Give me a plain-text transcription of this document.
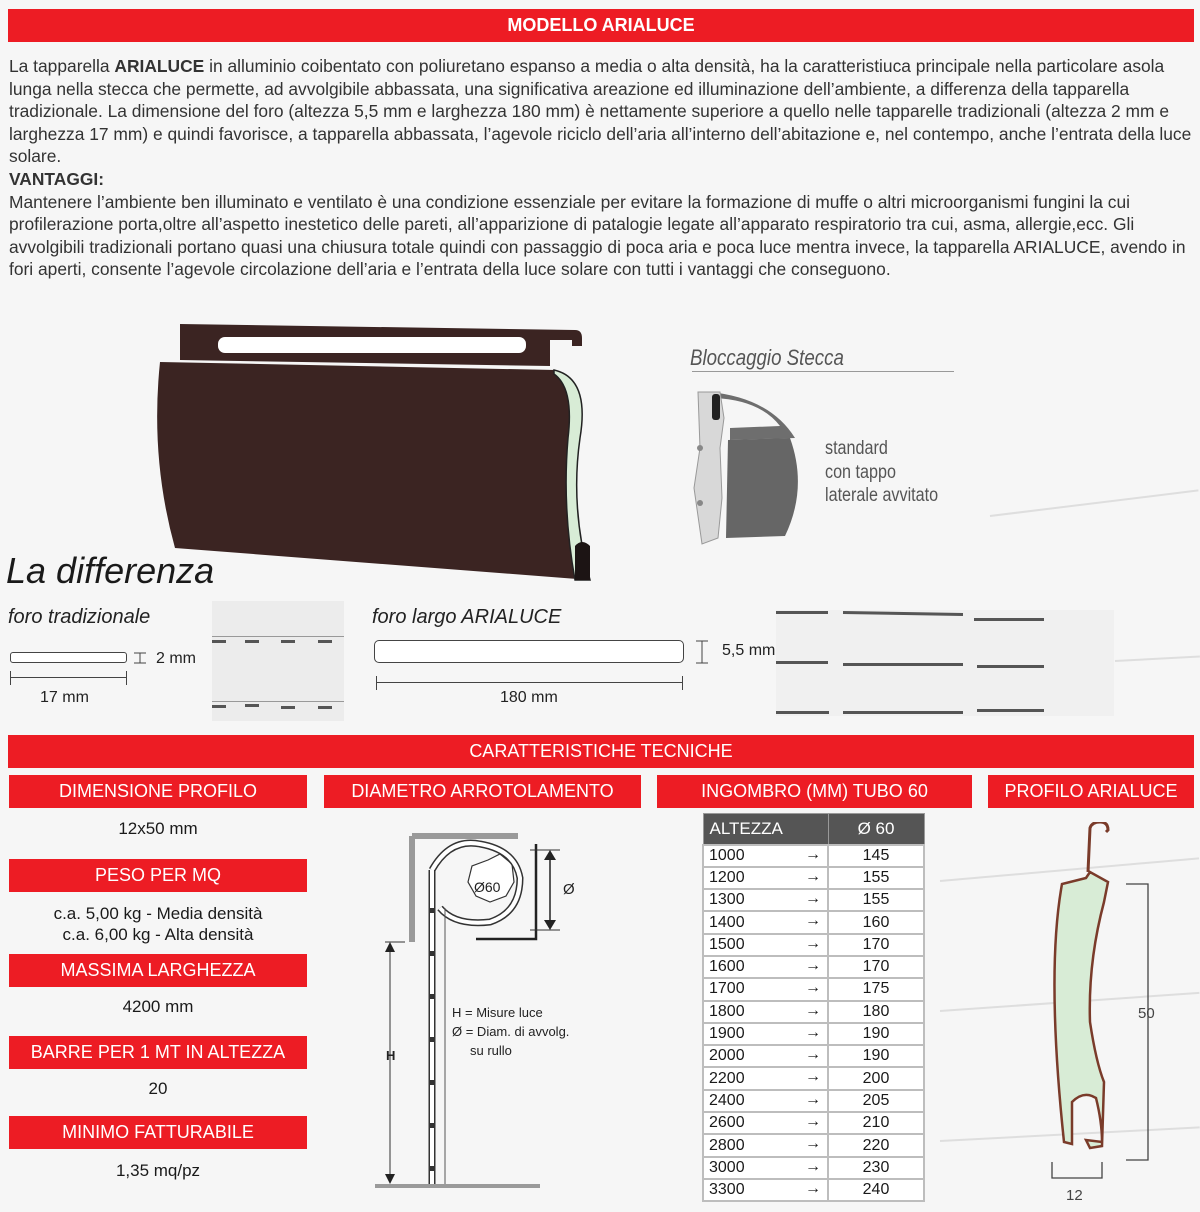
MODELLO ARIALUCE
La tapparella ARIALUCE in alluminio coibentato con poliuretano espanso a media o alta densità, ha la caratteristiuca principale nella particolare asola lunga nella stecca che permette, ad avvolgibile abbassata, una significativa areazione ed illuminazione dell’ambiente, a differenza della tapparella tradizionale. La dimensione del foro (altezza 5,5 mm e larghezza 180 mm) è nettamente superiore a quello nelle tapparelle tradizionali (altezza 2 mm e larghezza 17 mm) e quindi favorisce, a tapparella abbassata, l’agevole riciclo dell’aria all’interno dell’abitazione e, nel contempo, anche l’entrata della luce solare.
VANTAGGI:
Mantenere l’ambiente ben illuminato e ventilato è una condizione essenziale per evitare la formazione di muffe o altri microorganismi fungini la cui profilerazione porta,oltre all’aspetto inestetico delle pareti, all’apparizione di patalogie legate all’apparato respiratorio tra cui, asma, allergie,ecc. Gli avvolgibili tradizionali portano quasi una chiusura totale quindi con passaggio di poca aria e poca luce mentra invece, la tapparella ARIALUCE, avendo in fori aperti, consente l’agevole circolazione dell’aria e l’entrata della luce solare con tutti i vantaggi che conseguono.
Bloccaggio Stecca
standard
con tappo
laterale avvitato
La differenza
foro tradizionale
2 mm
17 mm
foro largo ARIALUCE
5,5 mm
180 mm
CARATTERISTICHE TECNICHE
DIMENSIONE PROFILO
12x50 mm
PESO PER MQ
c.a. 5,00 kg - Media densità
c.a. 6,00 kg - Alta densità
MASSIMA LARGHEZZA
4200 mm
BARRE PER 1 MT IN ALTEZZA
20
MINIMO FATTURABILE
1,35 mq/pz
DIAMETRO ARROTOLAMENTO
Ø60	Ø
H
H = Misure luce
Ø = Diam. di avvolg.
su rullo
INGOMBRO (MM) TUBO 60
ALTEZZA	Ø 60
1000 →	145
1200 →	155
1300 →	155
1400 →	160
1500 →	170
1600 →	170
1700 →	175
1800 →	180
1900 →	190
2000 →	190
2200 →	200
2400 →	205
2600 →	210
2800 →	220
3000 →	230
3300 →	240
PROFILO ARIALUCE
50
12
